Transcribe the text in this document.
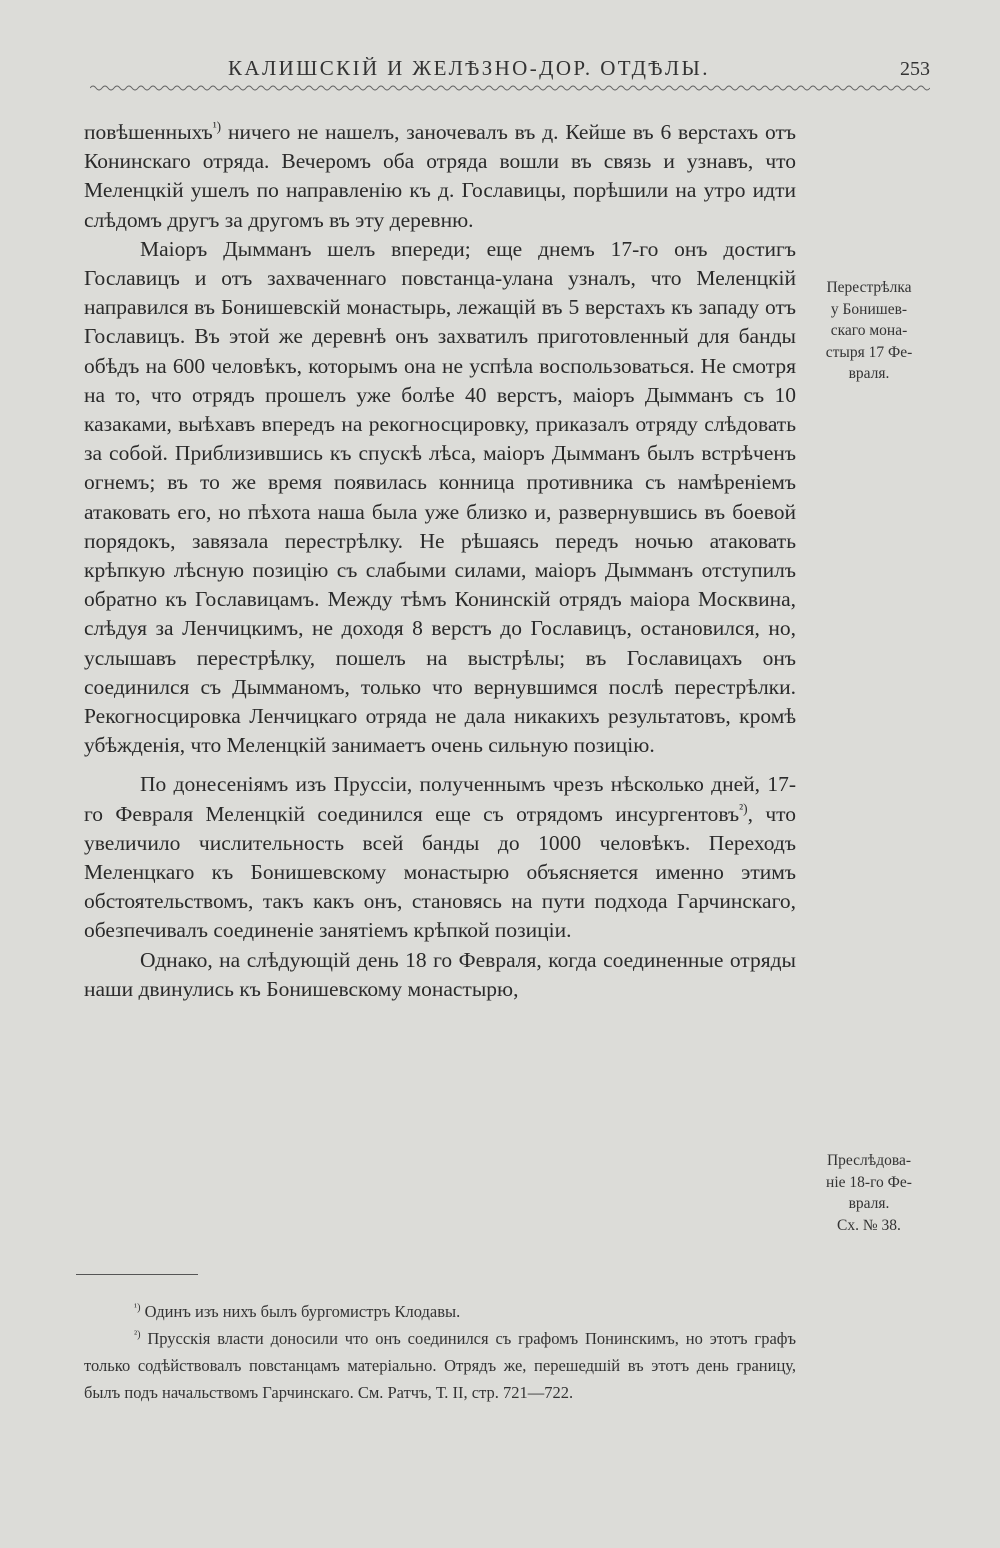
КАЛИШСКІЙ И ЖЕЛѢЗНО-ДОР. ОТДѢЛЫ.	253

повѣшенныхъ$^{^1)}$ ничего не нашелъ, заночевалъ въ д. Кейше въ 6 верстахъ отъ Конинскаго отряда. Вечеромъ оба отряда вошли въ связь и узнавъ, что Меленцкій ушелъ по направленію къ д. Гославицы, порѣшили на утро идти слѣдомъ другъ за другомъ въ эту деревню.

Маіоръ Дымманъ шелъ впереди; еще днемъ 17-го онъ достигъ Гославицъ и отъ захваченнаго повстанца-улана узналъ, что Меленцкій направился въ Бонишевскій монастырь, лежащій въ 5 верстахъ къ западу отъ Гославицъ. Въ этой же деревнѣ онъ захватилъ приготовленный для банды обѣдъ на 600 человѣкъ, которымъ она не успѣла воспользоваться. Не смотря на то, что отрядъ прошелъ уже болѣе 40 верстъ, маіоръ Дымманъ съ 10 казаками, выѣхавъ впередъ на рекогносцировку, приказалъ отряду слѣдовать за собой. Приблизившись къ спускѣ лѣса, маіоръ Дымманъ былъ встрѣченъ огнемъ; въ то же время появилась конница противника съ намѣреніемъ атаковать его, но пѣхота наша была уже близко и, развернувшись въ боевой порядокъ, завязала перестрѣлку. Не рѣшаясь передъ ночью атаковать крѣпкую лѣсную позицію съ слабыми силами, маіоръ Дымманъ отступилъ обратно къ Гославицамъ. Между тѣмъ Конинскій отрядъ маіора Москвина, слѣдуя за Ленчицкимъ, не доходя 8 верстъ до Гославицъ, остановился, но, услышавъ перестрѣлку, пошелъ на выстрѣлы; въ Гославицахъ онъ соединился съ Дымманомъ, только что вернувшимся послѣ перестрѣлки. Рекогносцировка Ленчицкаго отряда не дала никакихъ результатовъ, кромѣ убѣжденія, что Меленцкій занимаетъ очень сильную позицію.

По донесеніямъ изъ Пруссіи, полученнымъ чрезъ нѣсколько дней, 17-го Февраля Меленцкій соединился еще съ отрядомъ инсургентовъ$^{^2)}$, что увеличило числительность всей банды до 1000 человѣкъ. Переходъ Меленцкаго къ Бонишевскому монастырю объясняется именно этимъ обстоятельствомъ, такъ какъ онъ, становясь на пути подхода Гарчинскаго, обезпечивалъ соединеніе занятіемъ крѣпкой позиціи.

Однако, на слѣдующій день 18 го Февраля, когда соединенные отряды наши двинулись къ Бонишевскому монастырю,

Перестрѣлка
у Бонишев-
скаго мона-
стыря 17 Фе-
враля.
Преслѣдова-
ніе 18-го Фе-
враля.
Сх. № 38.

$^{^1)}$ Одинъ изъ нихъ былъ бургомистръ Клодавы.

$^{^2)}$ Прусскія власти доносили что онъ соединился съ графомъ Понинскимъ, но этотъ графъ только содѣйствовалъ повстанцамъ матеріально. Отрядъ же, перешедшій въ этотъ день границу, былъ подъ начальствомъ Гарчинскаго. См. Ратчъ, Т. II, стр. 721—722.
